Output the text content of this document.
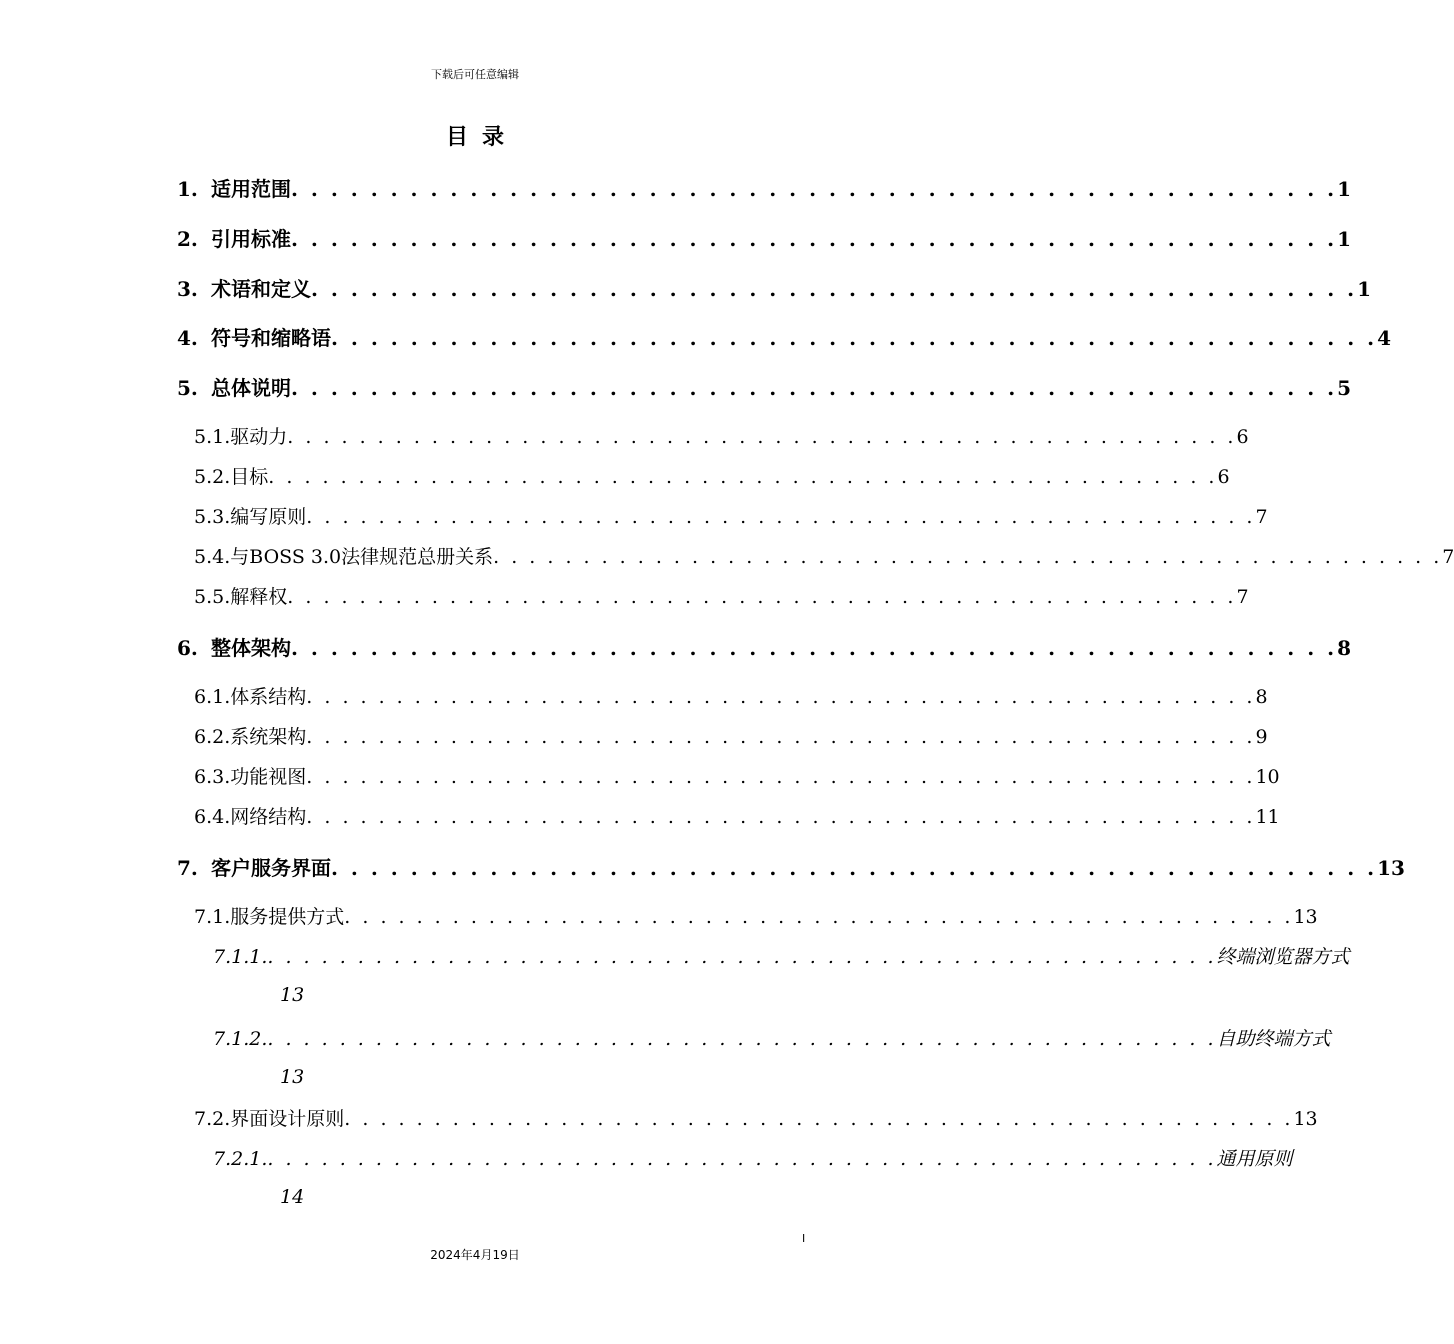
下载后可任意编辑
目录
1. 适用范围 . . . . . . . . . . . . . . . . . . . . . . . . . . . . . . . . . . . . . . . . . . . . . . . . . . . . . 1
2. 引用标准 . . . . . . . . . . . . . . . . . . . . . . . . . . . . . . . . . . . . . . . . . . . . . . . . . . . . . 1
3. 术语和定义 . . . . . . . . . . . . . . . . . . . . . . . . . . . . . . . . . . . . . . . . . . . . . . . . . . . . . 1
4. 符号和缩略语 . . . . . . . . . . . . . . . . . . . . . . . . . . . . . . . . . . . . . . . . . . . . . . . . . . . . . 4
5. 总体说明 . . . . . . . . . . . . . . . . . . . . . . . . . . . . . . . . . . . . . . . . . . . . . . . . . . . . . 5
5.1. 驱动力 . . . . . . . . . . . . . . . . . . . . . . . . . . . . . . . . . . . . . . . . . . . . . . . . . . . . . 6
5.2. 目标 . . . . . . . . . . . . . . . . . . . . . . . . . . . . . . . . . . . . . . . . . . . . . . . . . . . . . 6
5.3. 编写原则 . . . . . . . . . . . . . . . . . . . . . . . . . . . . . . . . . . . . . . . . . . . . . . . . . . . . . 7
5.4. 与BOSS 3.0法律规范总册关系 . . . . . . . . . . . . . . . . . . . . . . . . . . . . . . . . . . . . . . . . . . . . . . . . . . . . . 7
5.5. 解释权 . . . . . . . . . . . . . . . . . . . . . . . . . . . . . . . . . . . . . . . . . . . . . . . . . . . . . 7
6. 整体架构 . . . . . . . . . . . . . . . . . . . . . . . . . . . . . . . . . . . . . . . . . . . . . . . . . . . . . 8
6.1. 体系结构 . . . . . . . . . . . . . . . . . . . . . . . . . . . . . . . . . . . . . . . . . . . . . . . . . . . . . 8
6.2. 系统架构 . . . . . . . . . . . . . . . . . . . . . . . . . . . . . . . . . . . . . . . . . . . . . . . . . . . . . 9
6.3. 功能视图 . . . . . . . . . . . . . . . . . . . . . . . . . . . . . . . . . . . . . . . . . . . . . . . . . . . . . 10
6.4. 网络结构 . . . . . . . . . . . . . . . . . . . . . . . . . . . . . . . . . . . . . . . . . . . . . . . . . . . . . 11
7. 客户服务界面 . . . . . . . . . . . . . . . . . . . . . . . . . . . . . . . . . . . . . . . . . . . . . . . . . . . . . 13
7.1. 服务提供方式 . . . . . . . . . . . . . . . . . . . . . . . . . . . . . . . . . . . . . . . . . . . . . . . . . . . . . 13
7.1.1. . . . . . . . . . . . . . . . . . . . . . . . . . . . . . . . . . . . . . . . . . . . . . . . . . . . . . 终端浏览器方式
13
7.1.2. . . . . . . . . . . . . . . . . . . . . . . . . . . . . . . . . . . . . . . . . . . . . . . . . . . . . . 自助终端方式
13
7.2. 界面设计原则 . . . . . . . . . . . . . . . . . . . . . . . . . . . . . . . . . . . . . . . . . . . . . . . . . . . . . 13
7.2.1. . . . . . . . . . . . . . . . . . . . . . . . . . . . . . . . . . . . . . . . . . . . . . . . . . . . . . 通用原则
14
I
2024年4月19日
